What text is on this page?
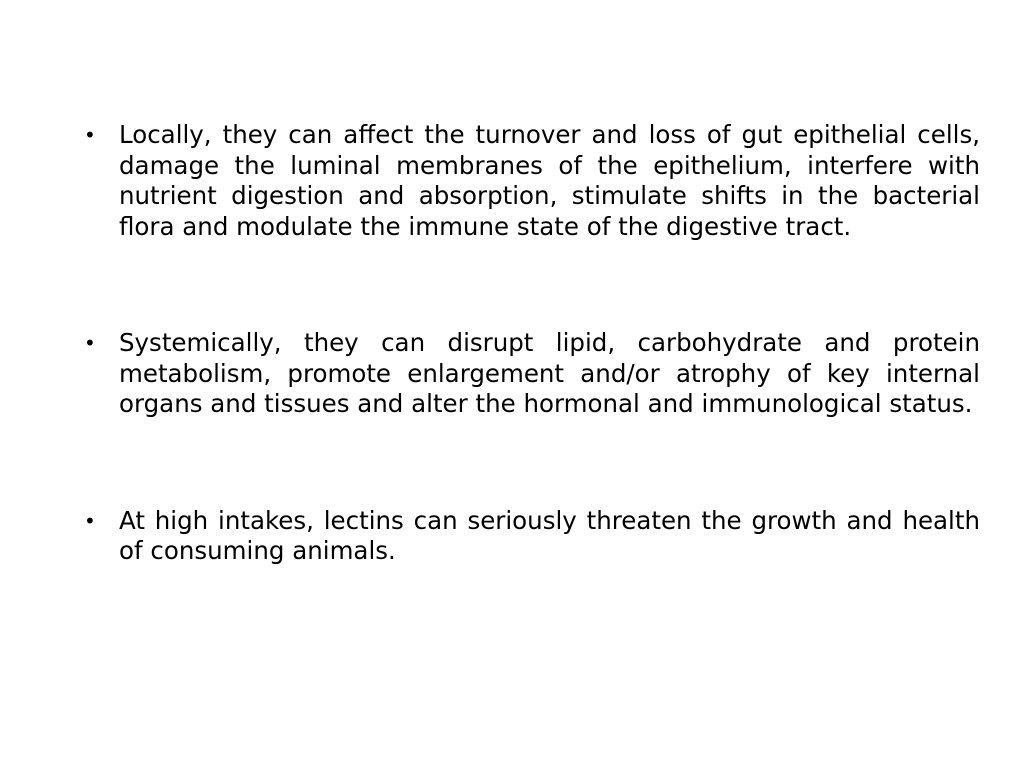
• Locally, they can affect the turnover and loss of gut epithelial cells, damage the luminal membranes of the epithelium, interfere with nutrient digestion and absorption, stimulate shifts in the bacterial flora and modulate the immune state of the digestive tract.
• Systemically, they can disrupt lipid, carbohydrate and protein metabolism, promote enlargement and/or atrophy of key internal organs and tissues and alter the hormonal and immunological status.
• At high intakes, lectins can seriously threaten the growth and health of consuming animals.
